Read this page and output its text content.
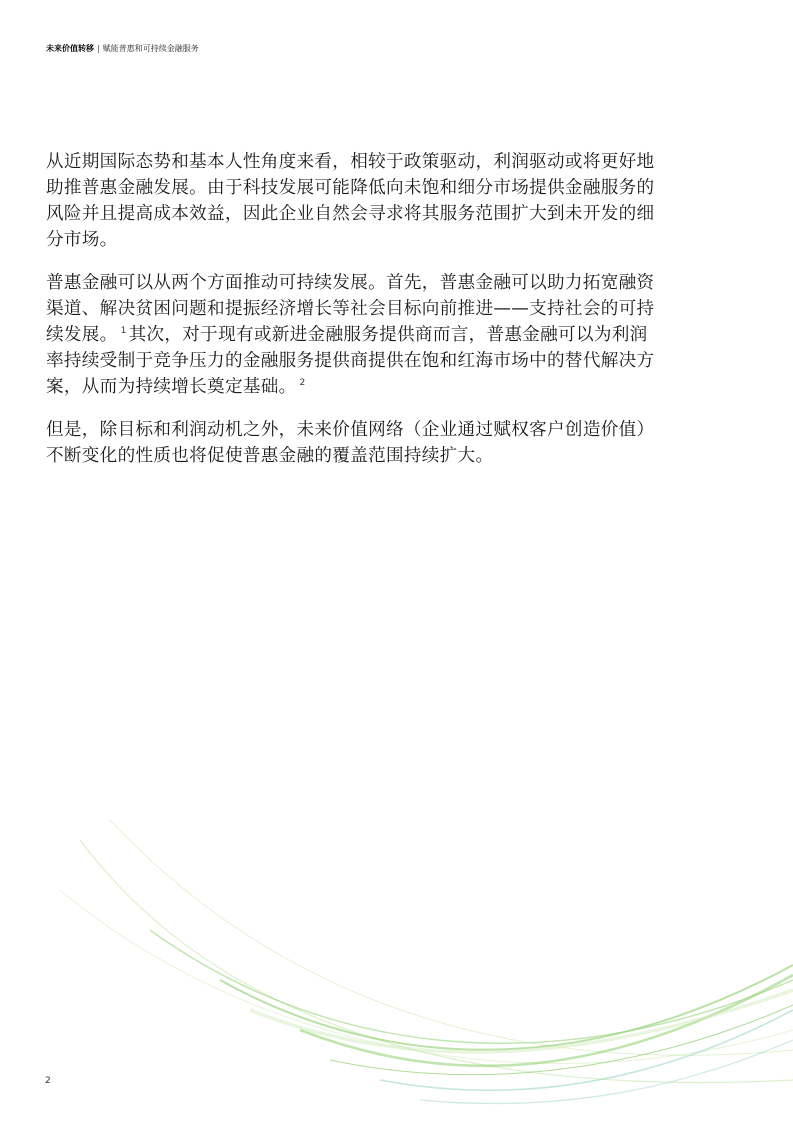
未来价值转移 | 赋能普惠和可持续金融服务

从近期国际态势和基本人性角度来看，相较于政策驱动，利润驱动或将更好地助推普惠金融发展。由于科技发展可能降低向未饱和细分市场提供金融服务的风险并且提高成本效益，因此企业自然会寻求将其服务范围扩大到未开发的细分市场。

普惠金融可以从两个方面推动可持续发展。首先，普惠金融可以助力拓宽融资渠道、解决贫困问题和提振经济增长等社会目标向前推进——支持社会的可持续发展。 $^1$ 其次，对于现有或新进金融服务提供商而言，普惠金融可以为利润率持续受制于竞争压力的金融服务提供商提供在饱和红海市场中的替代解决方案，从而为持续增长奠定基础。 $^2$

但是，除目标和利润动机之外，未来价值网络（企业通过赋权客户创造价值）不断变化的性质也将促使普惠金融的覆盖范围持续扩大。

2
